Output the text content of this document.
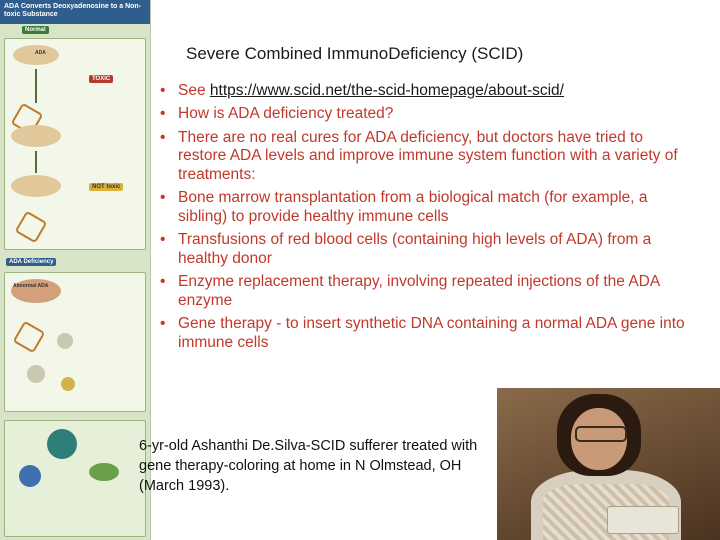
ADA Converts Deoxyadenosine to a Non-toxic Substance
Normal
ADA
TOXIC
NOT toxic
ADA Deficiency
Abnormal ADA
Severe Combined ImmunoDeficiency (SCID)
• See https://www.scid.net/the-scid-homepage/about-scid/
• How is ADA deficiency treated?
• There are no real cures for ADA deficiency, but doctors have tried to restore ADA levels and improve immune system function with a variety of treatments:
• Bone marrow transplantation from a biological match (for example, a sibling) to provide healthy immune cells
• Transfusions of red blood cells (containing high levels of ADA) from a healthy donor
• Enzyme replacement therapy, involving repeated injections of the ADA enzyme
• Gene therapy - to insert synthetic DNA containing a normal ADA gene into immune cells
6-yr-old Ashanthi De.Silva-SCID sufferer treated with gene therapy-coloring at home in N Olmstead, OH (March 1993).
